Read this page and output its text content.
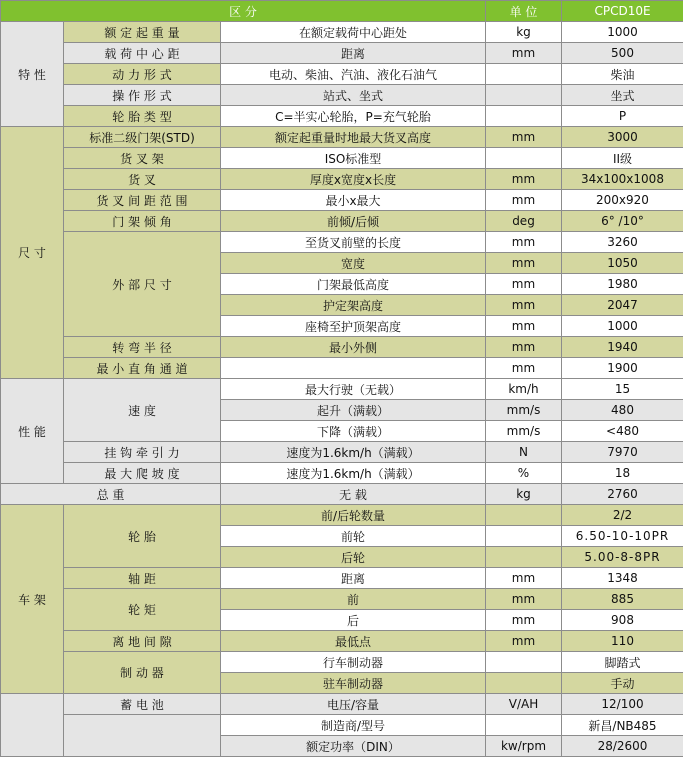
区 分			单 位	CPCD10E
特 性	额 定 起 重 量	在额定载荷中心距处	kg	1000
	载 荷 中 心 距	距离	mm	500
	动 力 形 式	电动、柴油、汽油、液化石油气		柴油
	操 作 形 式	站式、坐式		坐式
	轮 胎 类 型	C=半实心轮胎，P=充气轮胎		P
尺 寸	标准二级门架(STD)	额定起重量时地最大货叉高度	mm	3000
	货 叉 架	ISO标准型		II级
	货 叉	厚度x宽度x长度	mm	34x100x1008
	货 叉 间 距 范 围	最小x最大	mm	200x920
	门 架 倾 角	前倾/后倾	deg	6° /10°
	外 部 尺 寸	至货叉前壁的长度	mm	3260
		宽度	mm	1050
		门架最低高度	mm	1980
		护定架高度	mm	2047
		座椅至护顶架高度	mm	1000
	转 弯 半 径	最小外侧	mm	1940
	最 小 直 角 通 道		mm	1900
性 能	速 度	最大行驶（无载）	km/h	15
		起升（满载）	mm/s	480
		下降（满载）	mm/s	<480
	挂 钩 牵 引 力	速度为1.6km/h（满载）	N	7970
	最 大 爬 坡 度	速度为1.6km/h（满载）	%	18
总 重		无 载	kg	2760
车 架	轮 胎	前/后轮数量		2/2
		前轮		6.50-10-10PR
		后轮		5.00-8-8PR
	轴 距	距离	mm	1348
	轮 矩	前	mm	885
		后	mm	908
	离 地 间 隙	最低点	mm	110
	制 动 器	行车制动器		脚踏式
		驻车制动器		手动
	蓄 电 池	电压/容量	V/AH	12/100
		制造商/型号		新昌/NB485
		额定功率（DIN）	kw/rpm	28/2600
